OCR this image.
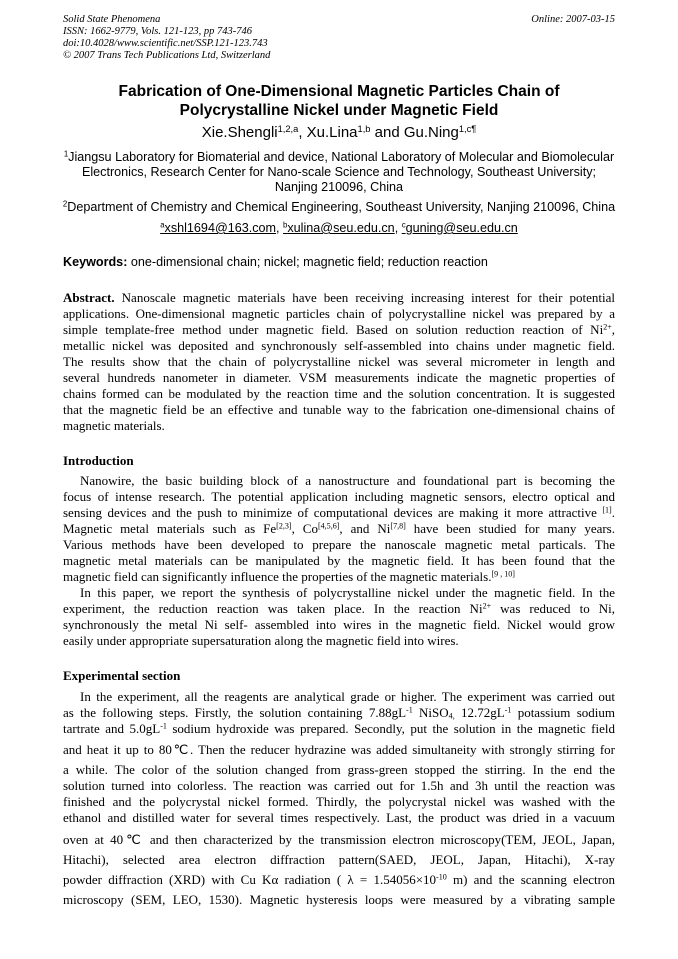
Solid State Phenomena
ISSN: 1662-9779, Vols. 121-123, pp 743-746
doi:10.4028/www.scientific.net/SSP.121-123.743
© 2007 Trans Tech Publications Ltd, Switzerland
Online: 2007-03-15
Fabrication of One-Dimensional Magnetic Particles Chain of
Polycrystalline Nickel under Magnetic Field
Keywords: one-dimensional chain; nickel; magnetic field; reduction reaction
Introduction
Experimental section
Xie.Shengli$^{1,2,a}$, Xu.Lina$^{1,b}$ and Gu.Ning$^{1,c\P}$
$^1$Jiangsu Laboratory for Biomaterial and device, National Laboratory of Molecular and Biomolecular
Electronics, Research Center for Nano-scale Science and Technology, Southeast University;
Nanjing 210096, China
$^2$Department of Chemistry and Chemical Engineering, Southeast University, Nanjing 210096, China
$^a$xshl1694@163.com, $^b$xulina@seu.edu.cn, $^c$guning@seu.edu.cn
Abstract. Nanoscale magnetic materials have been receiving increasing interest for their potential
applications. One-dimensional magnetic particles chain of polycrystalline nickel was prepared by a
simple template-free method under magnetic field. Based on solution reduction reaction of $Ni^{2+}$,
metallic nickel was deposited and synchronously self-assembled into chains under magnetic field.
The results show that the chain of polycrystalline nickel was several micrometer in length and
several hundreds nanometer in diameter. VSM measurements indicate the magnetic properties of
chains formed can be modulated by the reaction time and the solution concentration. It is suggested
that the magnetic field be an effective and tunable way to the fabrication one-dimensional chains of
magnetic materials.
Nanowire, the basic building block of a nanostructure and foundational part is becoming the
focus of intense research. The potential application including magnetic sensors, electro optical and
sensing devices and the push to minimize of computational devices are making it more attractive [1].
Magnetic metal materials such as Fe[2,3], Co[4,5,6], and Ni[7,8] have been studied for many years.
Various methods have been developed to prepare the nanoscale magnetic metal particals. The
magnetic metal materials can be manipulated by the magnetic field. It has been found that the
magnetic field can significantly influence the properties of the magnetic materials.[9 , 10]
In this paper, we report the synthesis of polycrystalline nickel under the magnetic field. In the
experiment, the reduction reaction was taken place. In the reaction $Ni^{2+}$ was reduced to Ni,
synchronously the metal Ni self- assembled into wires in the magnetic field. Nickel would grow
easily under appropriate supersaturation along the magnetic field into wires.
In the experiment, all the reagents are analytical grade or higher. The experiment was carried out
as the following steps. Firstly, the solution containing $7.88gL^{-1}$ NiSO$_{4,}$ $12.72gL^{-1}$ potassium sodium
tartrate and $5.0gL^{-1}$ sodium hydroxide was prepared. Secondly, put the solution in the magnetic field
and heat it up to 80℃. Then the reducer hydrazine was added simultaneity with strongly stirring for
a while. The color of the solution changed from grass-green stopped the stirring. In the end the
solution turned into colorless. The reaction was carried out for 1.5h and 3h until the reaction was
finished and the polycrystal nickel formed. Thirdly, the polycrystal nickel was washed with the
ethanol and distilled water for several times respectively. Last, the product was dried in a vacuum
oven at 40℃ and then characterized by the transmission electron microscopy(TEM, JEOL, Japan,
Hitachi), selected area electron diffraction pattern(SAED, JEOL, Japan, Hitachi), X-ray
powder diffraction (XRD) with Cu Kα radiation ( $\lambda = 1.54056\times 10^{-10}$ m) and the scanning electron
microscopy (SEM, LEO, 1530). Magnetic hysteresis loops were measured by a vibrating sample
